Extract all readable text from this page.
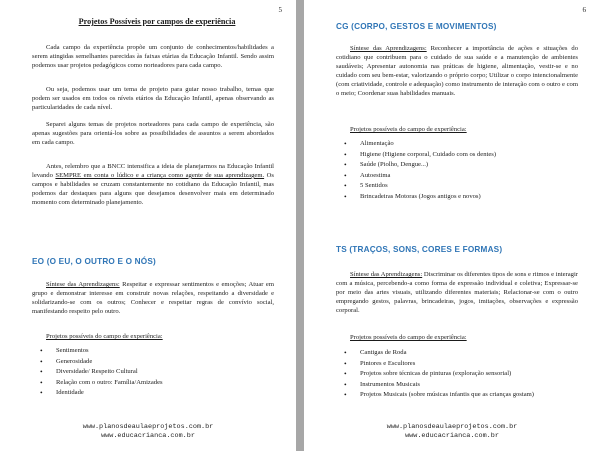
5
Projetos Possíveis por campos de experiência
Cada campo da experiência propõe um conjunto de conhecimentos/habilidades a serem atingidas semelhantes parecidas às faixas etárias da Educação Infantil. Sendo assim podemos usar projetos pedagógicos como norteadores para cada campo.
Ou seja, podemos usar um tema de projeto para guiar nosso trabalho, temas que podem ser usados em todos os níveis etários da Educação Infantil, apenas observando as particularidades de cada nível.
Separei alguns temas de projetos norteadores para cada campo de experiência, são apenas sugestões para orientá-los sobre as possibilidades de assuntos a serem abordados em cada campo.
Antes, relembro que a BNCC intensifica a ideia de planejarmos na Educação Infantil levando SEMPRE em conta o lúdico e a criança como agente de sua aprendizagem. Os campos e habilidades se cruzam constantemente no cotidiano da Educação Infantil, mas podemos dar destaques para alguns que desejamos desenvolver mais em determinado momento com determinado planejamento.
EO (O EU, O OUTRO E O NÓS)
Síntese das Aprendizagens: Respeitar e expressar sentimentos e emoções; Atuar em grupo e demonstrar interesse em construir novas relações, respeitando a diversidade e solidarizando-se com os outros; Conhecer e respeitar regras de convívio social, manifestando respeito pelo outro.
Projetos possíveis do campo de experiência:
• Sentimentos
• Generosidade
• Diversidade/ Respeito Cultural
• Relação com o outro: Família/Amizades
• Identidade
www.planosdeaulaeprojetos.com.br
www.educacrianca.com.br
6
CG (CORPO, GESTOS E MOVIMENTOS)
Síntese das Aprendizagens: Reconhecer a importância de ações e situações do cotidiano que contribuem para o cuidado de sua saúde e a manutenção de ambientes saudáveis; Apresentar autonomia nas práticas de higiene, alimentação, vestir-se e no cuidado com seu bem-estar, valorizando o próprio corpo; Utilizar o corpo intencionalmente (com criatividade, controle e adequação) como instrumento de interação com o outro e com o meio; Coordenar suas habilidades manuais.
Projetos possíveis do campo de experiência:
• Alimentação
• Higiene (Higiene corporal, Cuidado com os dentes)
• Saúde (Piolho, Dengue...)
• Autoestima
• 5 Sentidos
• Brincadeiras Motoras (Jogos antigos e novos)
TS (TRAÇOS, SONS, CORES E FORMAS)
Síntese das Aprendizagens: Discriminar os diferentes tipos de sons e ritmos e interagir com a música, percebendo-a como forma de expressão individual e coletiva; Expressar-se por meio das artes visuais, utilizando diferentes materiais; Relacionar-se com o outro empregando gestos, palavras, brincadeiras, jogos, imitações, observações e expressão corporal.
Projetos possíveis do campo de experiência:
• Cantigas de Roda
• Pintores e Escultores
• Projetos sobre técnicas de pinturas (exploração sensorial)
• Instrumentos Musicais
• Projetos Musicais (sobre músicas infantis que as crianças gostam)
www.planosdeaulaeprojetos.com.br
www.educacrianca.com.br
